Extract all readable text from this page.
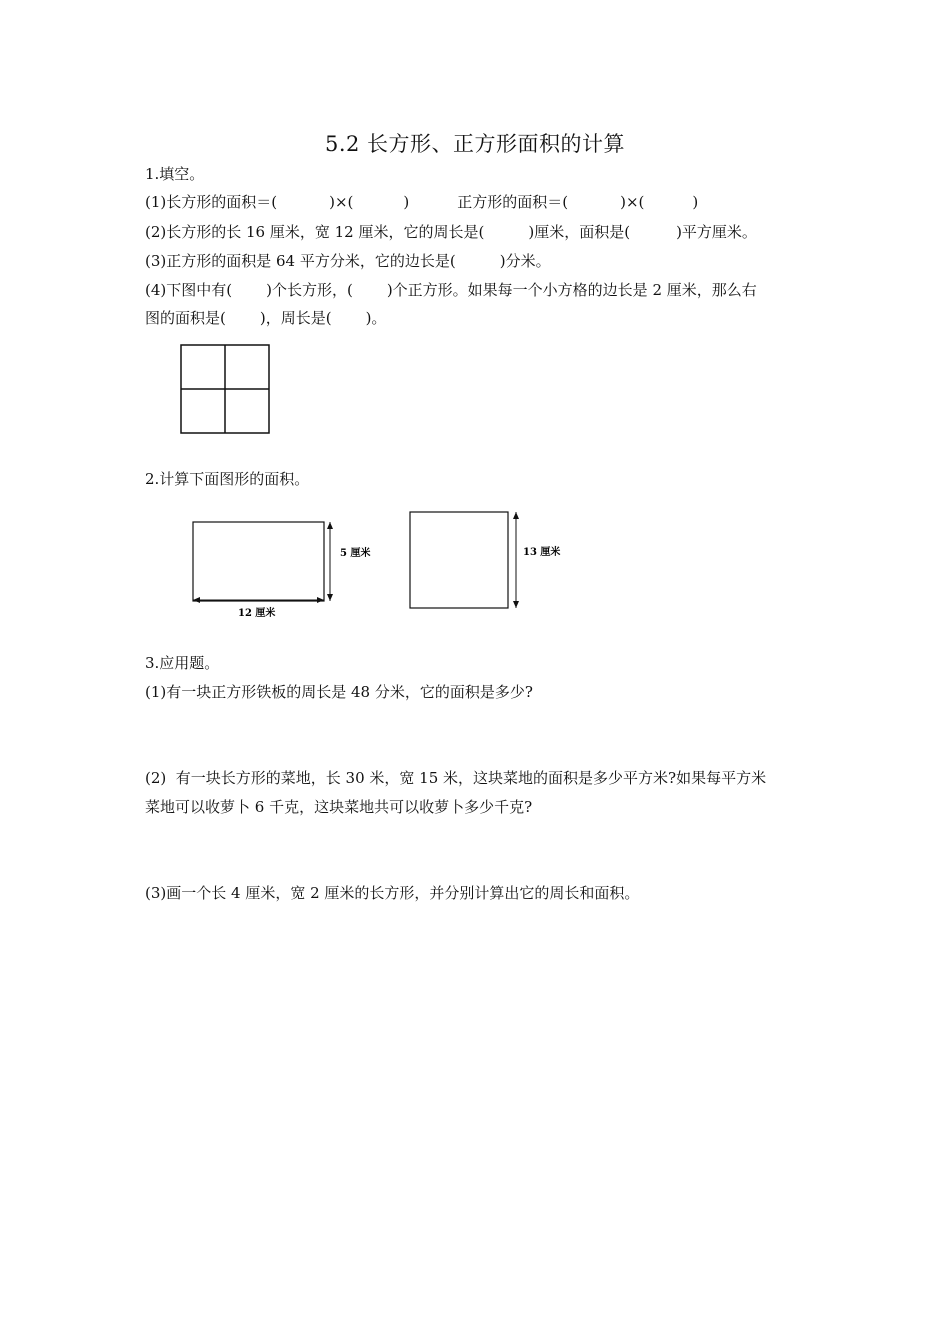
5.2 长方形、正方形面积的计算
1.填空。
(1)长方形的面积＝(	)×(	)	正方形的面积＝(	)×(	)
(2)长方形的长 16 厘米，宽 12 厘米，它的周长是(	)厘米，面积是(	)平方厘米。
(3)正方形的面积是 64 平方分米，它的边长是(	)分米。
(4)下图中有( )个长方形，( )个正方形。如果每一个小方格的边长是 2 厘米，那么右
图的面积是( )，周长是( )。
2.计算下面图形的面积。
5 厘米
12 厘米
13 厘米
3.应用题。
(1)有一块正方形铁板的周长是 48 分米，它的面积是多少?
(2)  有一块长方形的菜地，长 30 米，宽 15 米，这块菜地的面积是多少平方米?如果每平方米
菜地可以收萝卜 6 千克，这块菜地共可以收萝卜多少千克?
(3)画一个长 4 厘米，宽 2 厘米的长方形，并分别计算出它的周长和面积。
